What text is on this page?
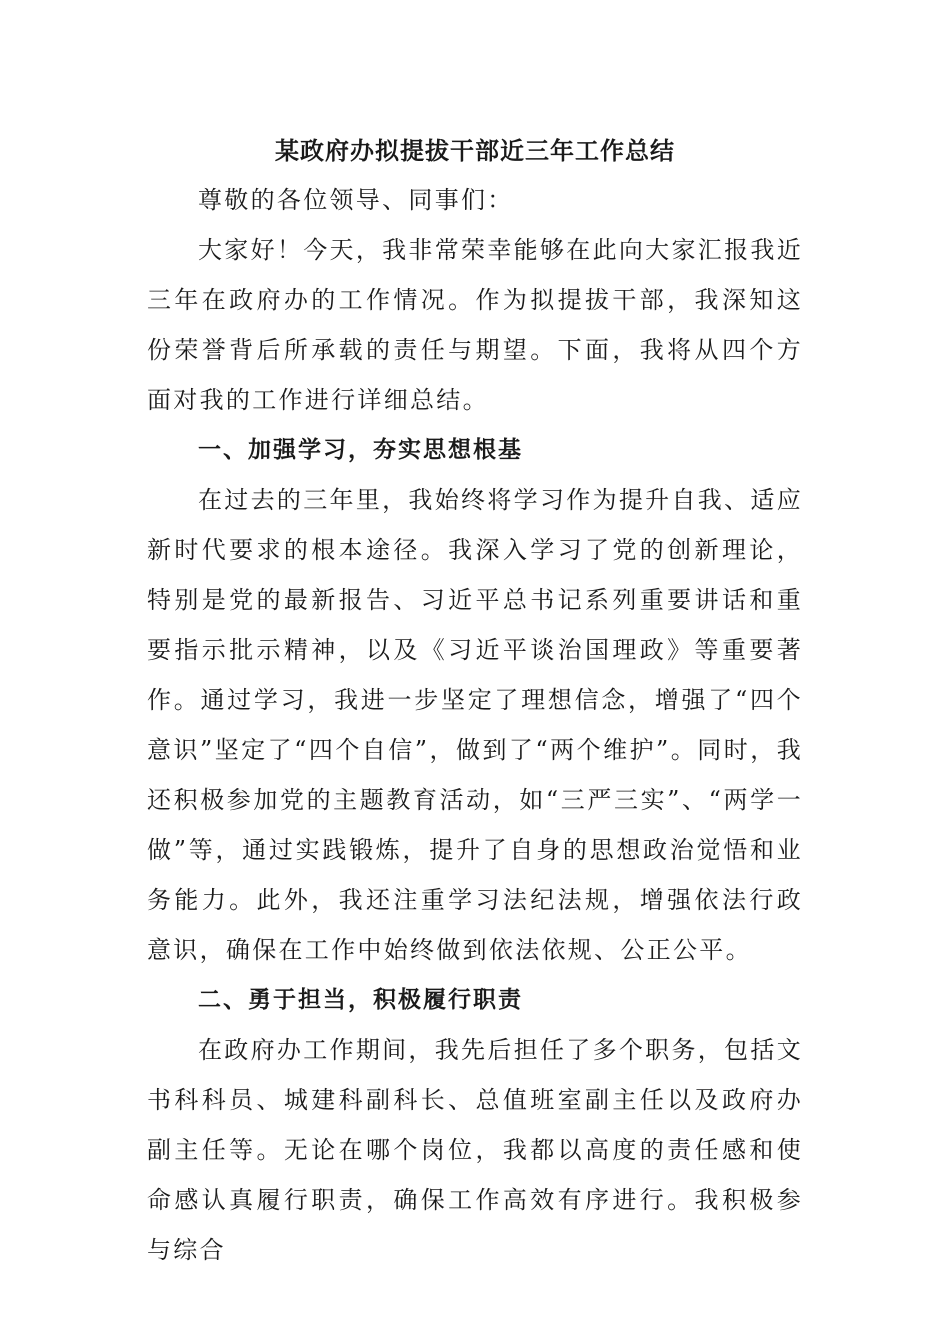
某政府办拟提拔干部近三年工作总结

尊敬的各位领导、同事们：

大家好！今天，我非常荣幸能够在此向大家汇报我近三年在政府办的工作情况。作为拟提拔干部，我深知这份荣誉背后所承载的责任与期望。下面，我将从四个方面对我的工作进行详细总结。

一、加强学习，夯实思想根基

在过去的三年里，我始终将学习作为提升自我、适应新时代要求的根本途径。我深入学习了党的创新理论，特别是党的最新报告、习近平总书记系列重要讲话和重要指示批示精神，以及《习近平谈治国理政》等重要著作。通过学习，我进一步坚定了理想信念，增强了“四个意识”坚定了“四个自信”，做到了“两个维护”。同时，我还积极参加党的主题教育活动，如“三严三实”、“两学一做”等，通过实践锻炼，提升了自身的思想政治觉悟和业务能力。此外，我还注重学习法纪法规，增强依法行政意识，确保在工作中始终做到依法依规、公正公平。

二、勇于担当，积极履行职责

在政府办工作期间，我先后担任了多个职务，包括文书科科员、城建科副科长、总值班室副主任以及政府办副主任等。无论在哪个岗位，我都以高度的责任感和使命感认真履行职责，确保工作高效有序进行。我积极参与综合
